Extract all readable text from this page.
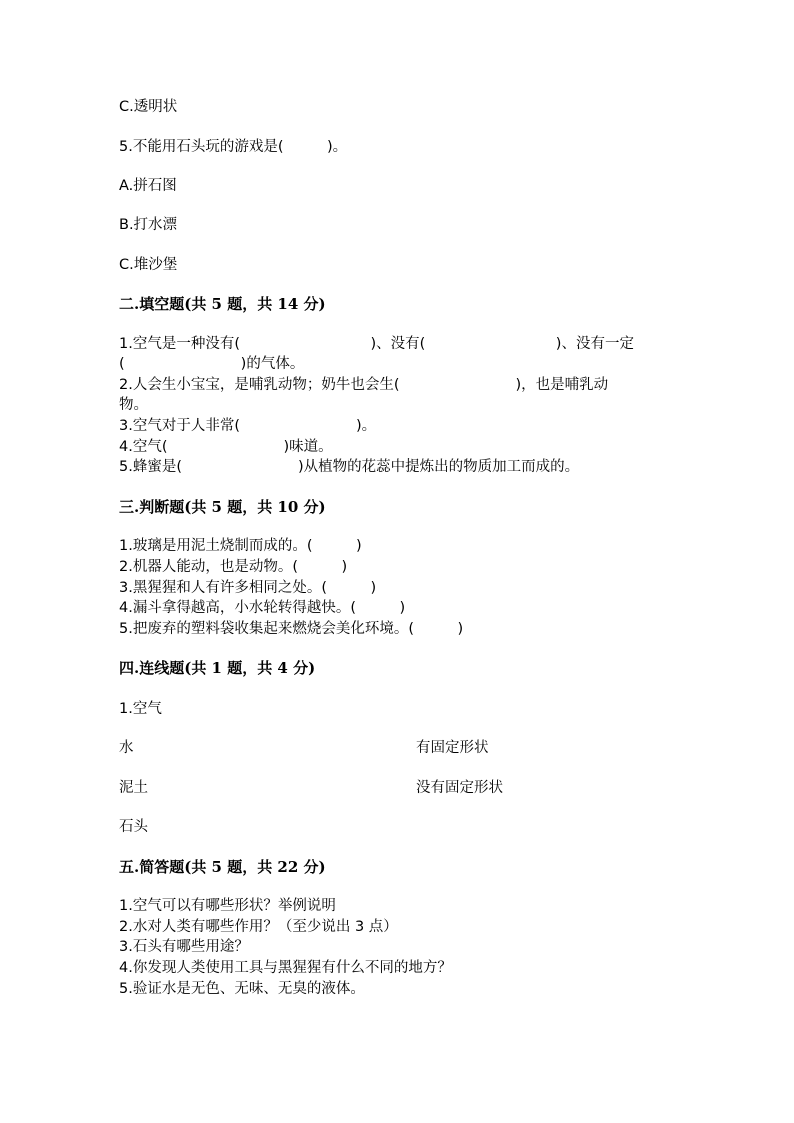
C.透明状
5.不能用石头玩的游戏是(　　　)。
A.拼石图
B.打水漂
C.堆沙堡
二.填空题(共 5 题，共 14 分)
1.空气是一种没有(　　　　　　　　　)、没有(　　　　　　　　　)、没有一定
(　　　　　　　　)的气体。
2.人会生小宝宝，是哺乳动物；奶牛也会生(　　　　　　　　)，也是哺乳动
物。
3.空气对于人非常(　　　　　　　　)。
4.空气(　　　　　　　　)味道。
5.蜂蜜是(　　　　　　　　)从植物的花蕊中提炼出的物质加工而成的。
三.判断题(共 5 题，共 10 分)
1.玻璃是用泥土烧制而成的。(　　　)
2.机器人能动，也是动物。(　　　)
3.黑猩猩和人有许多相同之处。(　　　)
4.漏斗拿得越高，小水轮转得越快。(　　　)
5.把废弃的塑料袋收集起来燃烧会美化环境。(　　　)
四.连线题(共 1 题，共 4 分)
1.空气
水	有固定形状
泥土	没有固定形状
石头
五.简答题(共 5 题，共 22 分)
1.空气可以有哪些形状？举例说明
2.水对人类有哪些作用？（至少说出 3 点）
3.石头有哪些用途？
4.你发现人类使用工具与黑猩猩有什么不同的地方？
5.验证水是无色、无味、无臭的液体。
